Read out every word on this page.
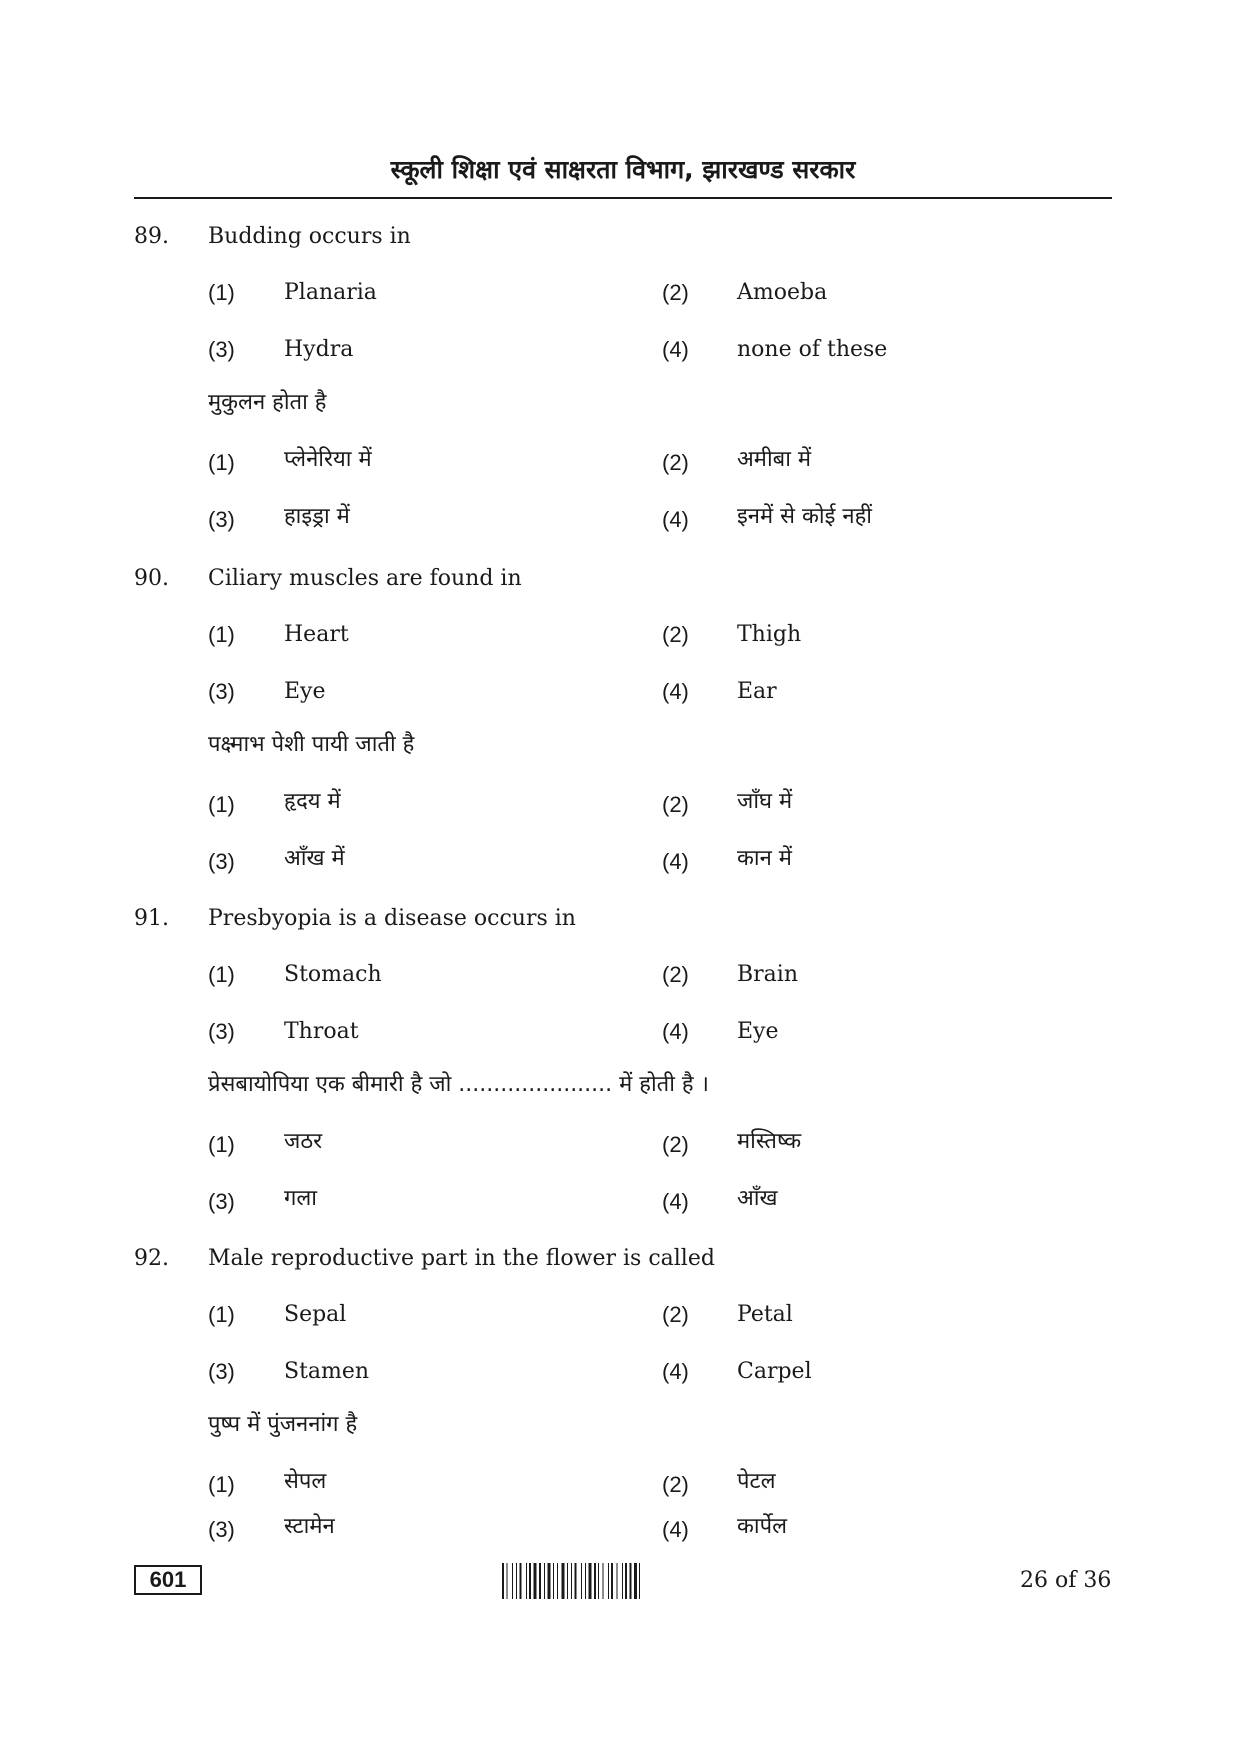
स्कूली शिक्षा एवं साक्षरता विभाग, झारखण्ड सरकार
89. Budding occurs in
(1) Planaria	(2) Amoeba
(3) Hydra	(4) none of these
मुकुलन होता है
(1) प्लेनेरिया में	(2) अमीबा में
(3) हाइड्रा में	(4) इनमें से कोई नहीं
90. Ciliary muscles are found in
(1) Heart	(2) Thigh
(3) Eye	(4) Ear
पक्ष्माभ पेशी पायी जाती है
(1) हृदय में	(2) जाँघ में
(3) आँख में	(4) कान में
91. Presbyopia is a disease occurs in
(1) Stomach	(2) Brain
(3) Throat	(4) Eye
प्रेसबायोपिया एक बीमारी है जो ...................... में होती है ।
(1) जठर	(2) मस्तिष्क
(3) गला	(4) आँख
92. Male reproductive part in the flower is called
(1) Sepal	(2) Petal
(3) Stamen	(4) Carpel
पुष्प में पुंजननांग है
(1) सेपल	(2) पेटल
(3) स्टामेन	(4) कार्पेल
601	26 of 36
